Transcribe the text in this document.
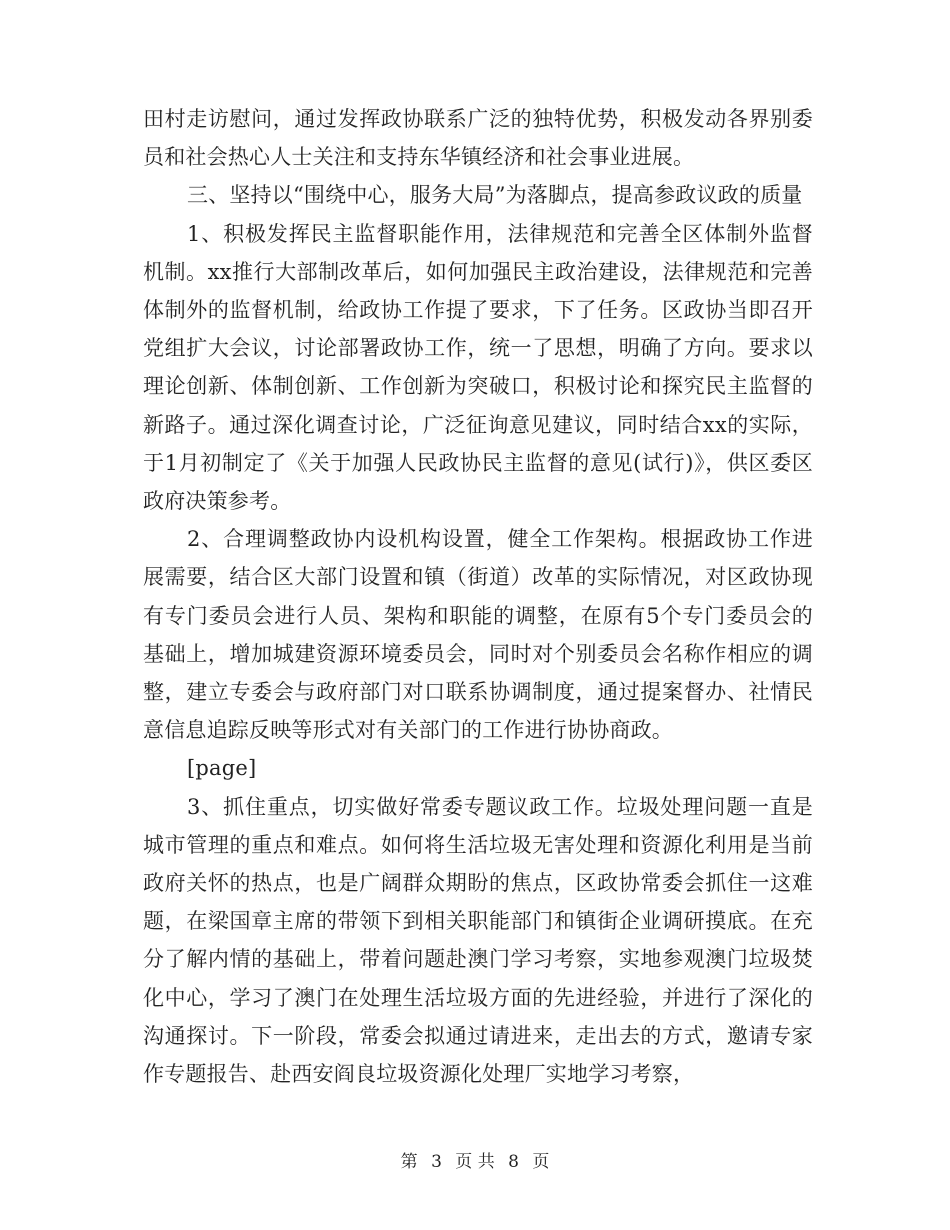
田村走访慰问，通过发挥政协联系广泛的独特优势，积极发动各界别委员和社会热心人士关注和支持东华镇经济和社会事业进展。

三、坚持以“围绕中心，服务大局”为落脚点，提高参政议政的质量

1、积极发挥民主监督职能作用，法律规范和完善全区体制外监督机制。xx推行大部制改革后，如何加强民主政治建设，法律规范和完善体制外的监督机制，给政协工作提了要求，下了任务。区政协当即召开党组扩大会议，讨论部署政协工作，统一了思想，明确了方向。要求以理论创新、体制创新、工作创新为突破口，积极讨论和探究民主监督的新路子。通过深化调查讨论，广泛征询意见建议，同时结合xx的实际，于1月初制定了《关于加强人民政协民主监督的意见(试行)》，供区委区政府决策参考。

2、合理调整政协内设机构设置，健全工作架构。根据政协工作进展需要，结合区大部门设置和镇（街道）改革的实际情况，对区政协现有专门委员会进行人员、架构和职能的调整，在原有5个专门委员会的基础上，增加城建资源环境委员会，同时对个别委员会名称作相应的调整，建立专委会与政府部门对口联系协调制度，通过提案督办、社情民意信息追踪反映等形式对有关部门的工作进行协协商政。

[page]

3、抓住重点，切实做好常委专题议政工作。垃圾处理问题一直是城市管理的重点和难点。如何将生活垃圾无害处理和资源化利用是当前政府关怀的热点，也是广阔群众期盼的焦点，区政协常委会抓住一这难题，在梁国章主席的带领下到相关职能部门和镇街企业调研摸底。在充分了解内情的基础上，带着问题赴澳门学习考察，实地参观澳门垃圾焚化中心，学习了澳门在处理生活垃圾方面的先进经验，并进行了深化的沟通探讨。下一阶段，常委会拟通过请进来，走出去的方式，邀请专家作专题报告、赴西安阎良垃圾资源化处理厂实地学习考察，

第 3 页 共 8 页
